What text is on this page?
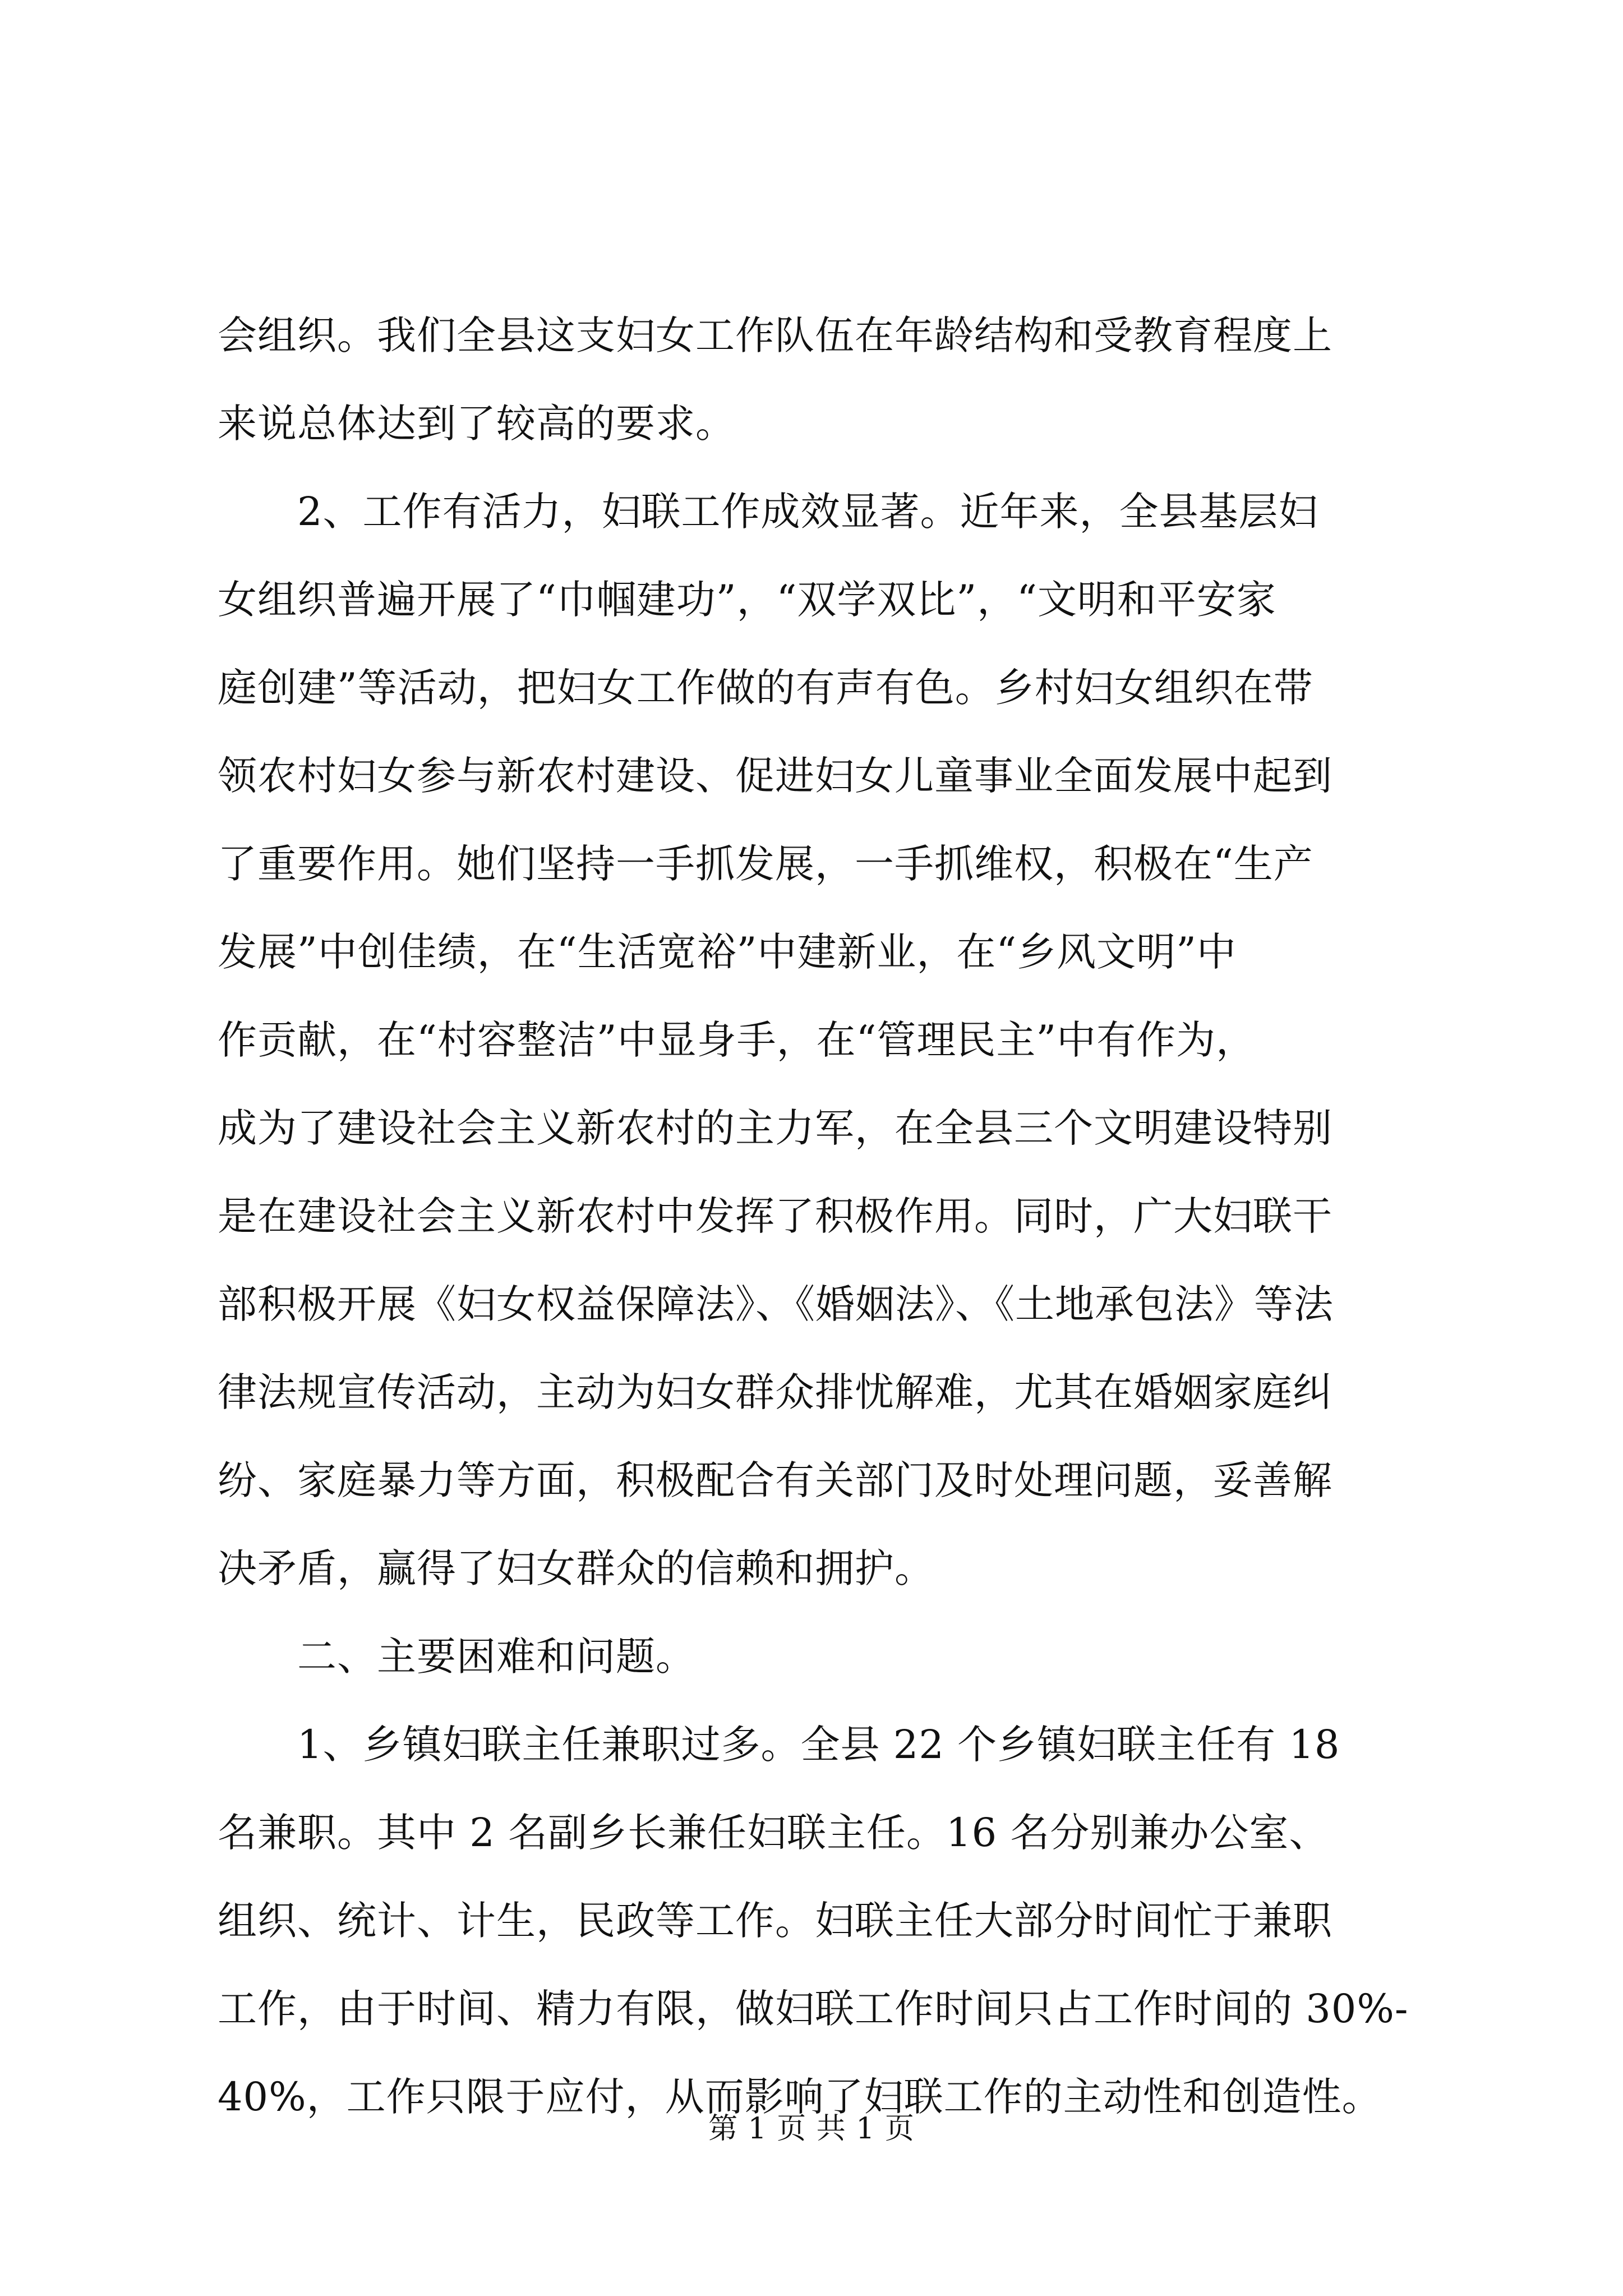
会组织。我们全县这支妇女工作队伍在年龄结构和受教育程度上
来说总体达到了较高的要求。
　　2、工作有活力，妇联工作成效显著。近年来，全县基层妇
女组织普遍开展了“巾帼建功”，“双学双比”，“文明和平安家
庭创建”等活动，把妇女工作做的有声有色。乡村妇女组织在带
领农村妇女参与新农村建设、促进妇女儿童事业全面发展中起到
了重要作用。她们坚持一手抓发展，一手抓维权，积极在“生产
发展”中创佳绩，在“生活宽裕”中建新业，在“乡风文明”中
作贡献，在“村容整洁”中显身手，在“管理民主”中有作为，
成为了建设社会主义新农村的主力军，在全县三个文明建设特别
是在建设社会主义新农村中发挥了积极作用。同时，广大妇联干
部积极开展《妇女权益保障法》、《婚姻法》、《土地承包法》等法
律法规宣传活动，主动为妇女群众排忧解难，尤其在婚姻家庭纠
纷、家庭暴力等方面，积极配合有关部门及时处理问题，妥善解
决矛盾，赢得了妇女群众的信赖和拥护。
　　二、主要困难和问题。
　　1、乡镇妇联主任兼职过多。全县 22 个乡镇妇联主任有 18
名兼职。其中 2 名副乡长兼任妇联主任。16 名分别兼办公室、
组织、统计、计生，民政等工作。妇联主任大部分时间忙于兼职
工作，由于时间、精力有限，做妇联工作时间只占工作时间的 30%-
40%，工作只限于应付，从而影响了妇联工作的主动性和创造性。
第 1 页 共 1 页
